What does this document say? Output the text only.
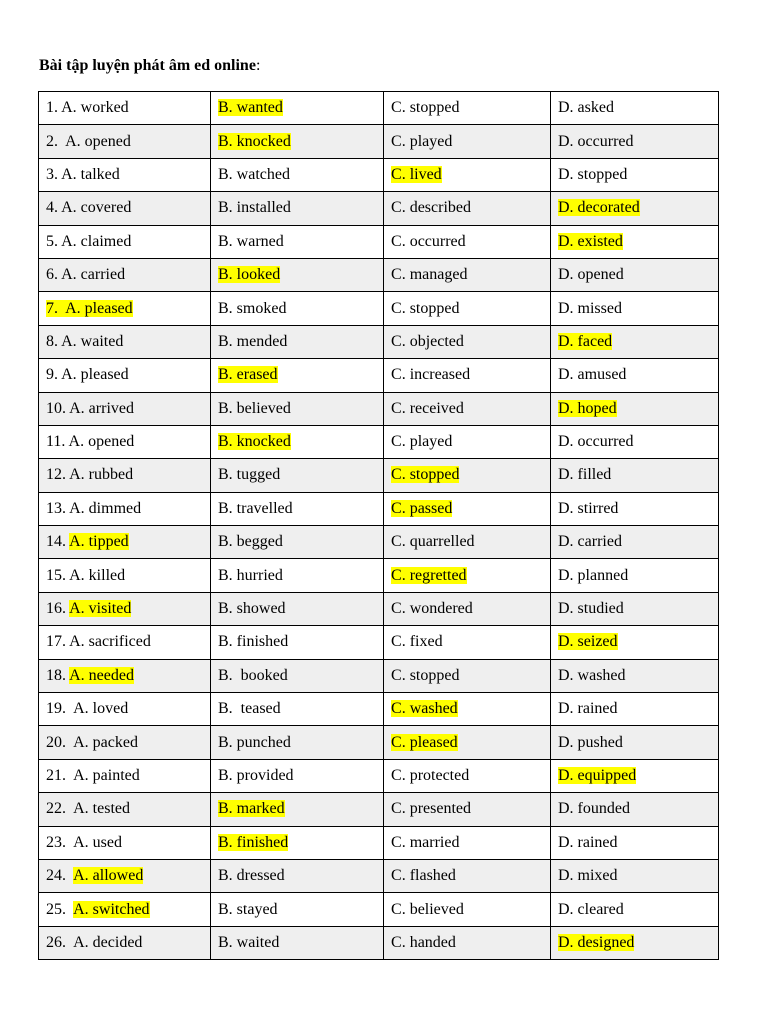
Bài tập luyện phát âm ed online:
1. A. worked	B. wanted	C. stopped	D. asked
2.  A. opened	B. knocked	C. played	D. occurred
3. A. talked	B. watched	C. lived	D. stopped
4. A. covered	B. installed	C. described	D. decorated
5. A. claimed	B. warned	C. occurred	D. existed
6. A. carried	B. looked	C. managed	D. opened
7.  A. pleased	B. smoked	C. stopped	D. missed
8. A. waited	B. mended	C. objected	D. faced
9. A. pleased	B. erased	C. increased	D. amused
10. A. arrived	B. believed	C. received	D. hoped
11. A. opened	B. knocked	C. played	D. occurred
12. A. rubbed	B. tugged	C. stopped	D. filled
13. A. dimmed	B. travelled	C. passed	D. stirred
14. A. tipped	B. begged	C. quarrelled	D. carried
15. A. killed	B. hurried	C. regretted	D. planned
16. A. visited	B. showed	C. wondered	D. studied
17. A. sacrificed	B. finished	C. fixed	D. seized
18. A. needed	B.  booked	C. stopped	D. washed
19.  A. loved	B.  teased	C. washed	D. rained
20.  A. packed	B. punched	C. pleased	D. pushed
21.  A. painted	B. provided	C. protected	D. equipped
22.  A. tested	B. marked	C. presented	D. founded
23.  A. used	B. finished	C. married	D. rained
24.  A. allowed	B. dressed	C. flashed	D. mixed
25.  A. switched	B. stayed	C. believed	D. cleared
26.  A. decided	B. waited	C. handed	D. designed
